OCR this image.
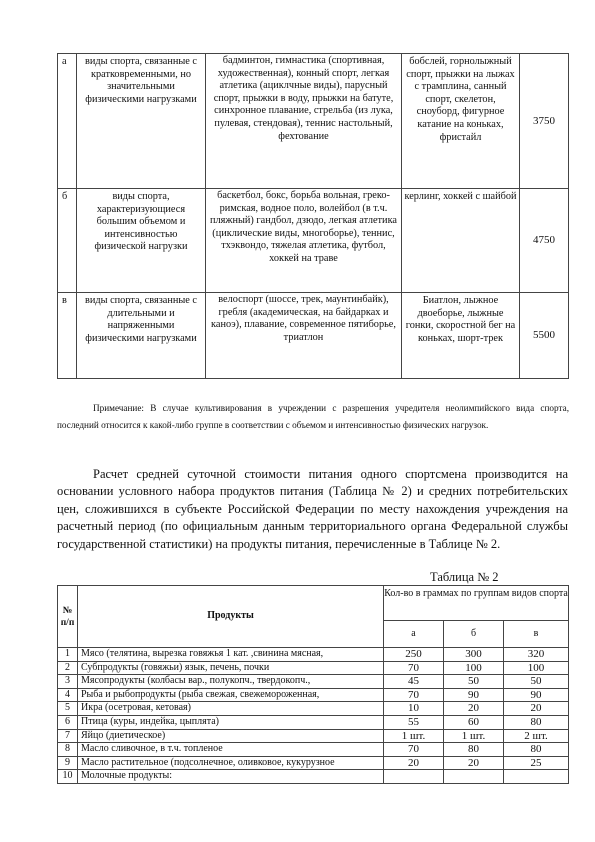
а	виды спорта, связанные с кратковременными, но значительными физическими нагрузками	бадминтон, гимнастика (спортивная, художественная), конный спорт, легкая атлетика (ациклчные виды), парусный спорт, прыжки в воду, прыжки на батуте, синхронное плавание, стрельба (из лука, пулевая, стендовая), теннис настольный, фехтование	бобслей, горнолыжный спорт, прыжки на лыжах с трамплина, санный спорт, скелетон, сноуборд, фигурное катание на коньках, фристайл	3750
б	виды спорта, характеризующиеся большим объемом и интенсивностью физической нагрузки	баскетбол, бокс, борьба вольная, греко-римская, водное поло, волейбол (в т.ч. пляжный) гандбол, дзюдо, легкая атлетика (циклические виды, многоборье), теннис, тхэквондо, тяжелая атлетика, футбол, хоккей на траве	керлинг, хоккей с шайбой	4750
в	виды спорта, связанные с длительными и напряженными физическими нагрузками	велоспорт (шоссе, трек, маунтинбайк), гребля (академическая, на байдарках и каноэ), плавание, современное пятиборье, триатлон	Биатлон, лыжное двоеборье, лыжные гонки, скоростной бег на коньках, шорт-трек	5500
Примечание: В случае культивирования в учреждении с разрешения учредителя неолимпийского вида спорта, последний относится к какой-либо группе в соответствии с объемом и интенсивностью физических нагрузок.
Расчет средней суточной стоимости питания одного спортсмена производится на основании условного набора продуктов питания (Таблица № 2) и средних потребительских цен, сложившихся в субъекте Российской Федерации по месту нахождения учреждения на расчетный период (по официальным данным территориального органа Федеральной службы государственной статистики) на продукты питания, перечисленные в Таблице № 2.
Таблица № 2
№ п/п	Продукты	Кол-во в граммах по группам видов спорта		
		а	б	в
1	Мясо (телятина, вырезка говяжья 1 кат. ,свинина мясная,	250	300	320
2	Субпродукты (говяжьи) язык, печень, почки	70	100	100
3	Мясопродукты (колбасы вар., полукопч., твердокопч.,	45	50	50
4	Рыба и рыбопродукты (рыба свежая, свежемороженная,	70	90	90
5	Икра (осетровая, кетовая)	10	20	20
6	Птица (куры, индейка, цыплята)	55	60	80
7	Яйцо (диетическое)	1 шт.	1 шт.	2 шт.
8	Масло сливочное, в т.ч. топленое	70	80	80
9	Масло растительное (подсолнечное, оливковое, кукурузное	20	20	25
10	Молочные продукты:			
